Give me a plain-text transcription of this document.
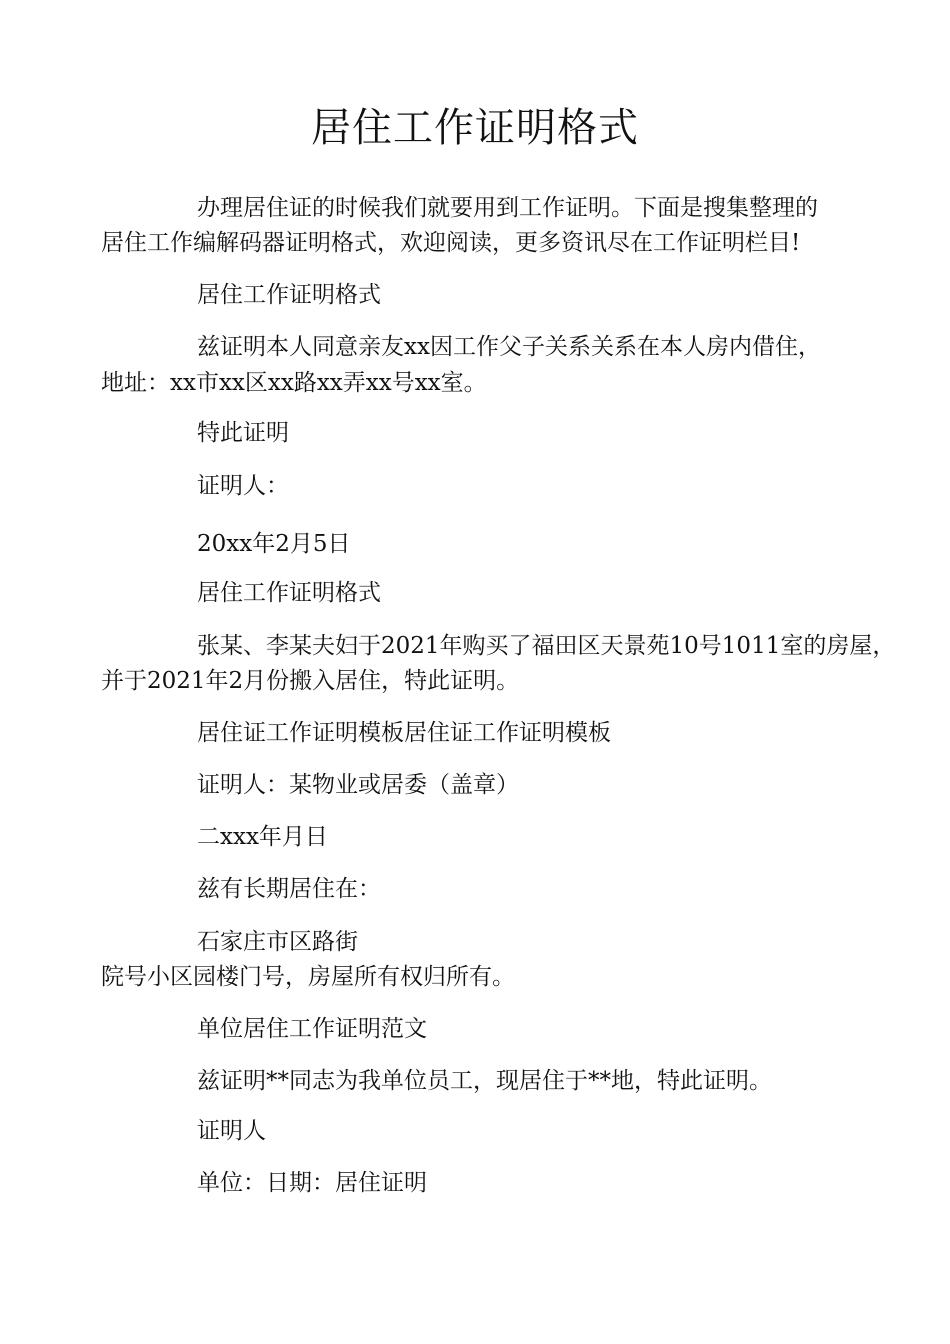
居住工作证明格式
办理居住证的时候我们就要用到工作证明。下面是搜集整理的
居住工作编解码器证明格式，欢迎阅读，更多资讯尽在工作证明栏目!
居住工作证明格式
兹证明本人同意亲友xx因工作父子关系关系在本人房内借住，
地址：xx市xx区xx路xx弄xx号xx室。
特此证明
证明人：
20xx年2月5日
居住工作证明格式
张某、李某夫妇于2021年购买了福田区天景苑10号1011室的房屋，
并于2021年2月份搬入居住，特此证明。
居住证工作证明模板居住证工作证明模板
证明人：某物业或居委（盖章）
二xxx年月日
兹有长期居住在：
石家庄市区路街
院号小区园楼门号，房屋所有权归所有。
单位居住工作证明范文
兹证明**同志为我单位员工，现居住于**地，特此证明。
证明人
单位：日期：居住证明
